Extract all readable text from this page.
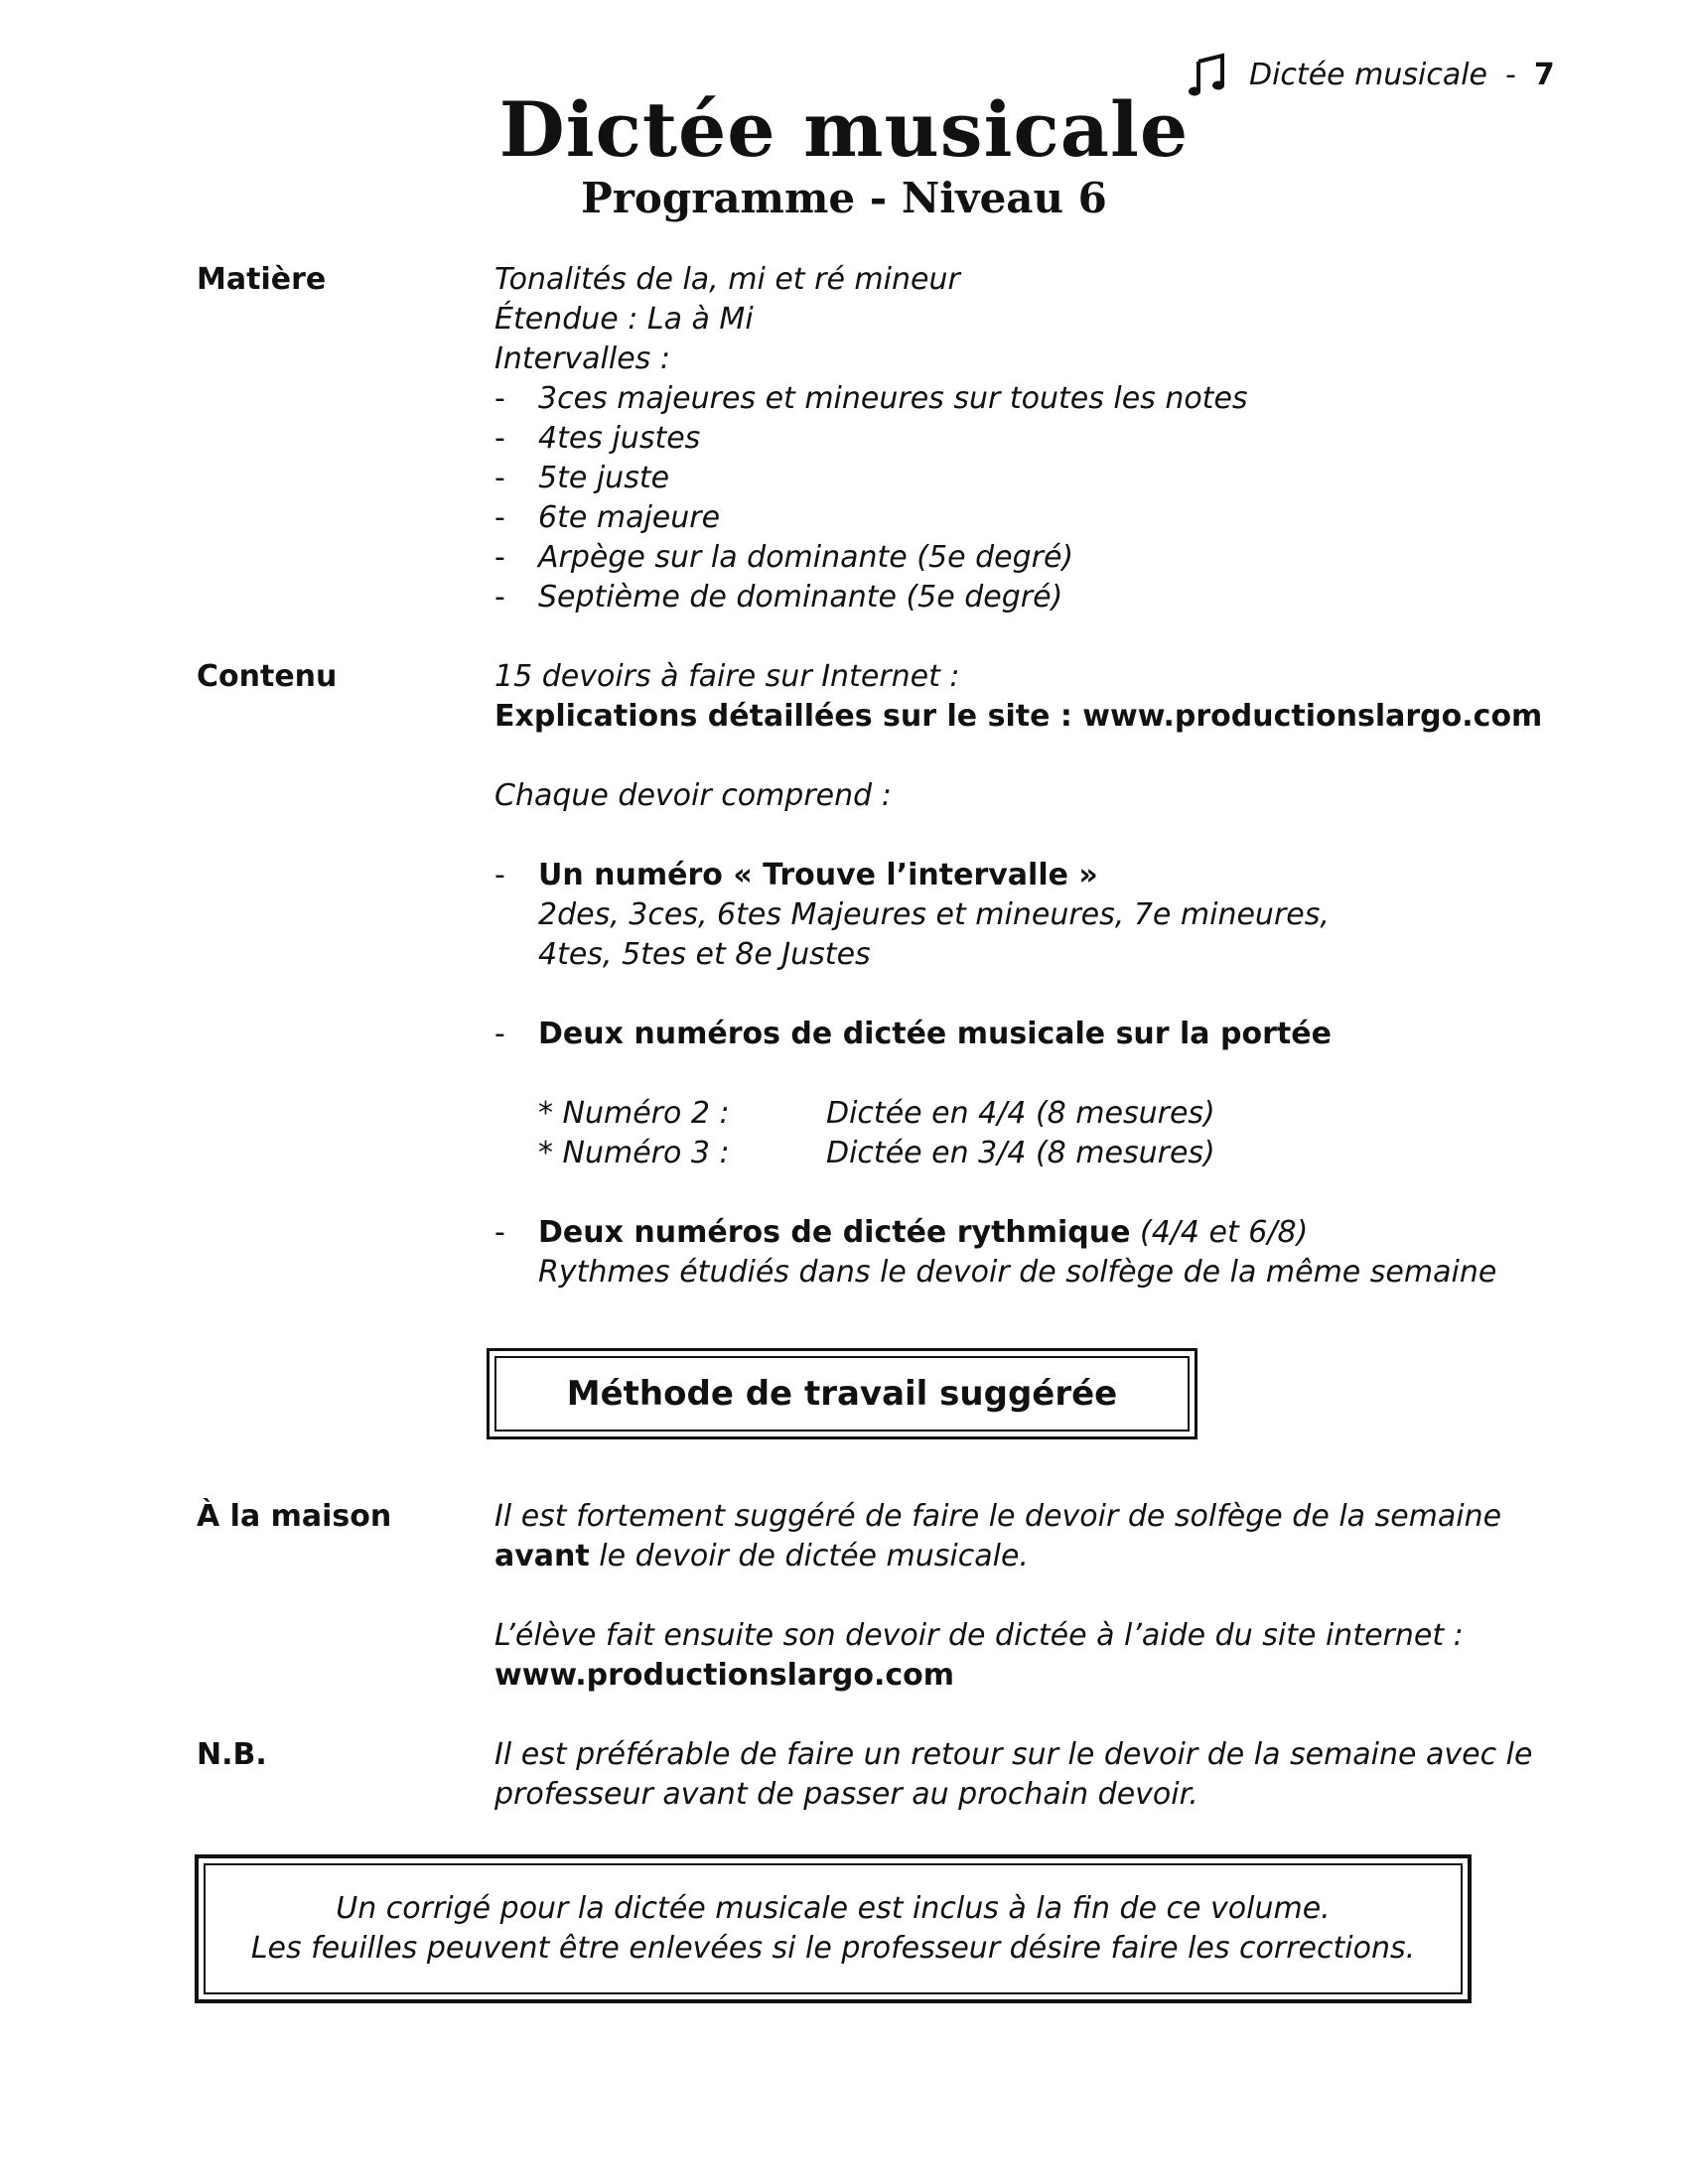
Dictée musicale - 7
Dictée musicale
Programme - Niveau 6
Matière	Tonalités de la, mi et ré mineur

Étendue : La à Mi

Intervalles :

- 3ces majeures et mineures sur toutes les notes
- 4tes justes
- 5te juste
- 6te majeure
- Arpège sur la dominante (5e degré)
- Septième de dominante (5e degré)
Contenu	15 devoirs à faire sur Internet :

Explications détaillées sur le site : www.productionslargo.com

Chaque devoir comprend :

- Un numéro « Trouve l’intervalle »

2des, 3ces, 6tes Majeures et mineures, 7e mineures,

4tes, 5tes et 8e Justes

- Deux numéros de dictée musicale sur la portée
* Numéro 2 :	Dictée en 4/4 (8 mesures)
* Numéro 3 :	Dictée en 3/4 (8 mesures)
- Deux numéros de dictée rythmique (4/4 et 6/8)

Rythmes étudiés dans le devoir de solfège de la même semaine

Méthode de travail suggérée
À la maison	Il est fortement suggéré de faire le devoir de solfège de la semaine

avant le devoir de dictée musicale.

L’élève fait ensuite son devoir de dictée à l’aide du site internet :

www.productionslargo.com

N.B.	Il est préférable de faire un retour sur le devoir de la semaine avec le

professeur avant de passer au prochain devoir.

Un corrigé pour la dictée musicale est inclus à la fin de ce volume.
Les feuilles peuvent être enlevées si le professeur désire faire les corrections.
